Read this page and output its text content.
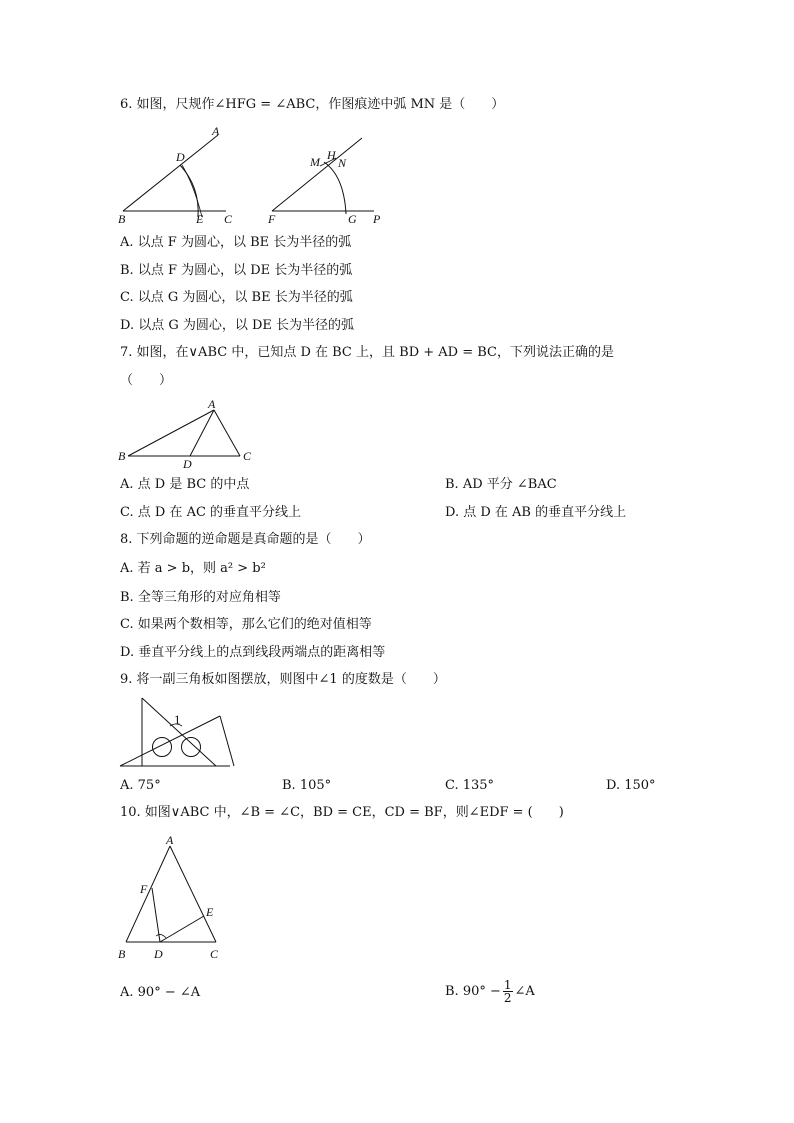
6. 如图，尺规作∠HFG = ∠ABC，作图痕迹中弧 MN 是（　　）
A
D
B	E C
M H
N
F	G P
A. 以点 F 为圆心，以 BE 长为半径的弧
B. 以点 F 为圆心，以 DE 长为半径的弧
C. 以点 G 为圆心，以 BE 长为半径的弧
D. 以点 G 为圆心，以 DE 长为半径的弧
7. 如图，在∨ABC 中，已知点 D 在 BC 上，且 BD + AD = BC，下列说法正确的是
（　　）
A
B
D
C
A. 点 D 是 BC 的中点	B. AD 平分 ∠BAC
C. 点 D 在 AC 的垂直平分线上	D. 点 D 在 AB 的垂直平分线上
8. 下列命题的逆命题是真命题的是（　　）
A. 若 a > b，则 a² > b²
B. 全等三角形的对应角相等
C. 如果两个数相等，那么它们的绝对值相等
D. 垂直平分线上的点到线段两端点的距离相等
9. 将一副三角板如图摆放，则图中∠1 的度数是（　　）
1
A. 75°	B. 105°	C. 135°	D. 150°
10. 如图∨ABC 中，∠B = ∠C，BD = CE，CD = BF，则∠EDF = (　　)
A
F
E
B D	C
A. 90° − ∠A	B. $90^\circ - \frac{1}{2}$ ∠A
